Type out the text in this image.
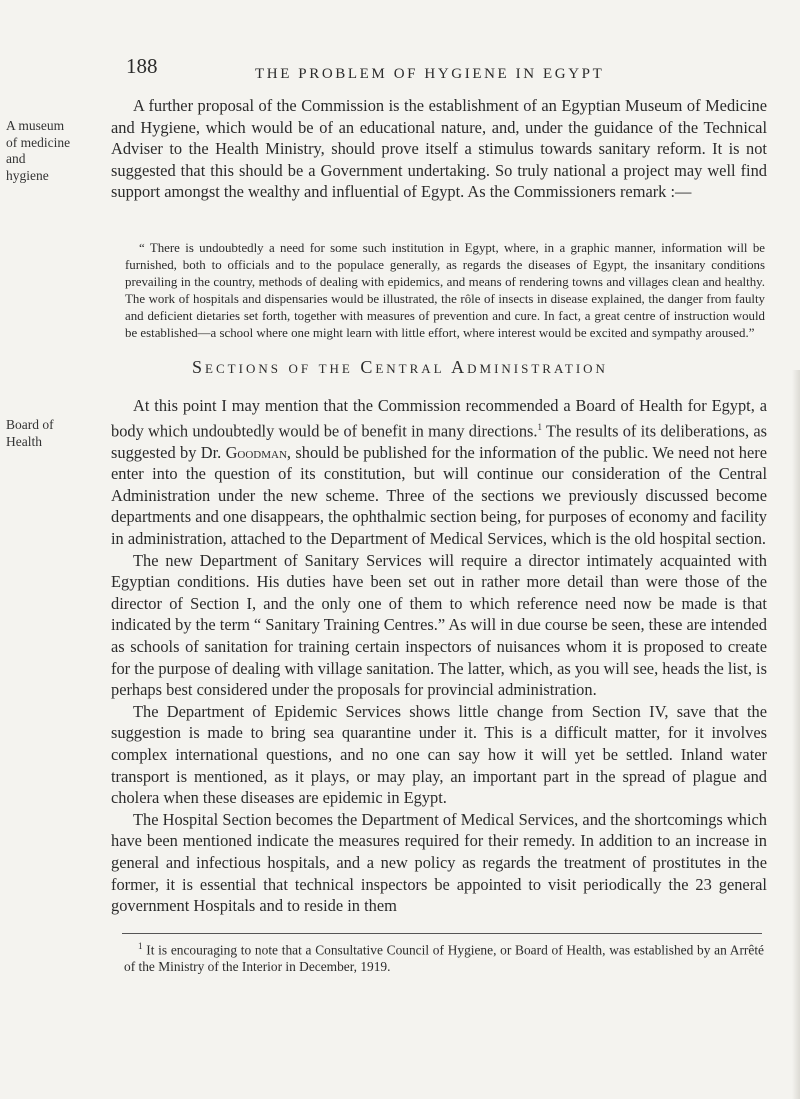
188	THE PROBLEM OF HYGIENE IN EGYPT
A museum
of medicine
and
hygiene
Board of
Health

A further proposal of the Commission is the establishment of an Egyptian Museum of Medicine and Hygiene, which would be of an educational nature, and, under the guidance of the Technical Adviser to the Health Ministry, should prove itself a stimulus towards sanitary reform. It is not suggested that this should be a Government undertaking. So truly national a project may well find support amongst the wealthy and influential of Egypt. As the Commissioners remark :—

“ There is undoubtedly a need for some such institution in Egypt, where, in a graphic manner, information will be furnished, both to officials and to the populace generally, as regards the diseases of Egypt, the insanitary conditions prevailing in the country, methods of dealing with epidemics, and means of rendering towns and villages clean and healthy. The work of hospitals and dispensaries would be illustrated, the rôle of insects in disease explained, the danger from faulty and deficient dietaries set forth, together with measures of prevention and cure. In fact, a great centre of instruction would be established—a school where one might learn with little effort, where interest would be excited and sympathy aroused.”

Sections of the Central Administration

At this point I may mention that the Commission recommended a Board of Health for Egypt, a body which undoubtedly would be of benefit in many directions.$^1$ The results of its deliberations, as suggested by Dr. Goodman, should be published for the information of the public. We need not here enter into the question of its constitution, but will continue our consideration of the Central Administration under the new scheme. Three of the sections we previously discussed become departments and one disappears, the ophthalmic section being, for purposes of economy and facility in administration, attached to the Department of Medical Services, which is the old hospital section.

The new Department of Sanitary Services will require a director intimately acquainted with Egyptian conditions. His duties have been set out in rather more detail than were those of the director of Section I, and the only one of them to which reference need now be made is that indicated by the term “ Sanitary Training Centres.” As will in due course be seen, these are intended as schools of sanitation for training certain inspectors of nuisances whom it is proposed to create for the purpose of dealing with village sanitation. The latter, which, as you will see, heads the list, is perhaps best considered under the proposals for provincial administration.

The Department of Epidemic Services shows little change from Section IV, save that the suggestion is made to bring sea quarantine under it. This is a difficult matter, for it involves complex international questions, and no one can say how it will yet be settled. Inland water transport is mentioned, as it plays, or may play, an important part in the spread of plague and cholera when these diseases are epidemic in Egypt.

The Hospital Section becomes the Department of Medical Services, and the shortcomings which have been mentioned indicate the measures required for their remedy. In addition to an increase in general and infectious hospitals, and a new policy as regards the treatment of prostitutes in the former, it is essential that technical inspectors be appointed to visit periodically the 23 general government Hospitals and to reside in them

$^1$ It is encouraging to note that a Consultative Council of Hygiene, or Board of Health, was established by an Arrêté of the Ministry of the Interior in December, 1919.
